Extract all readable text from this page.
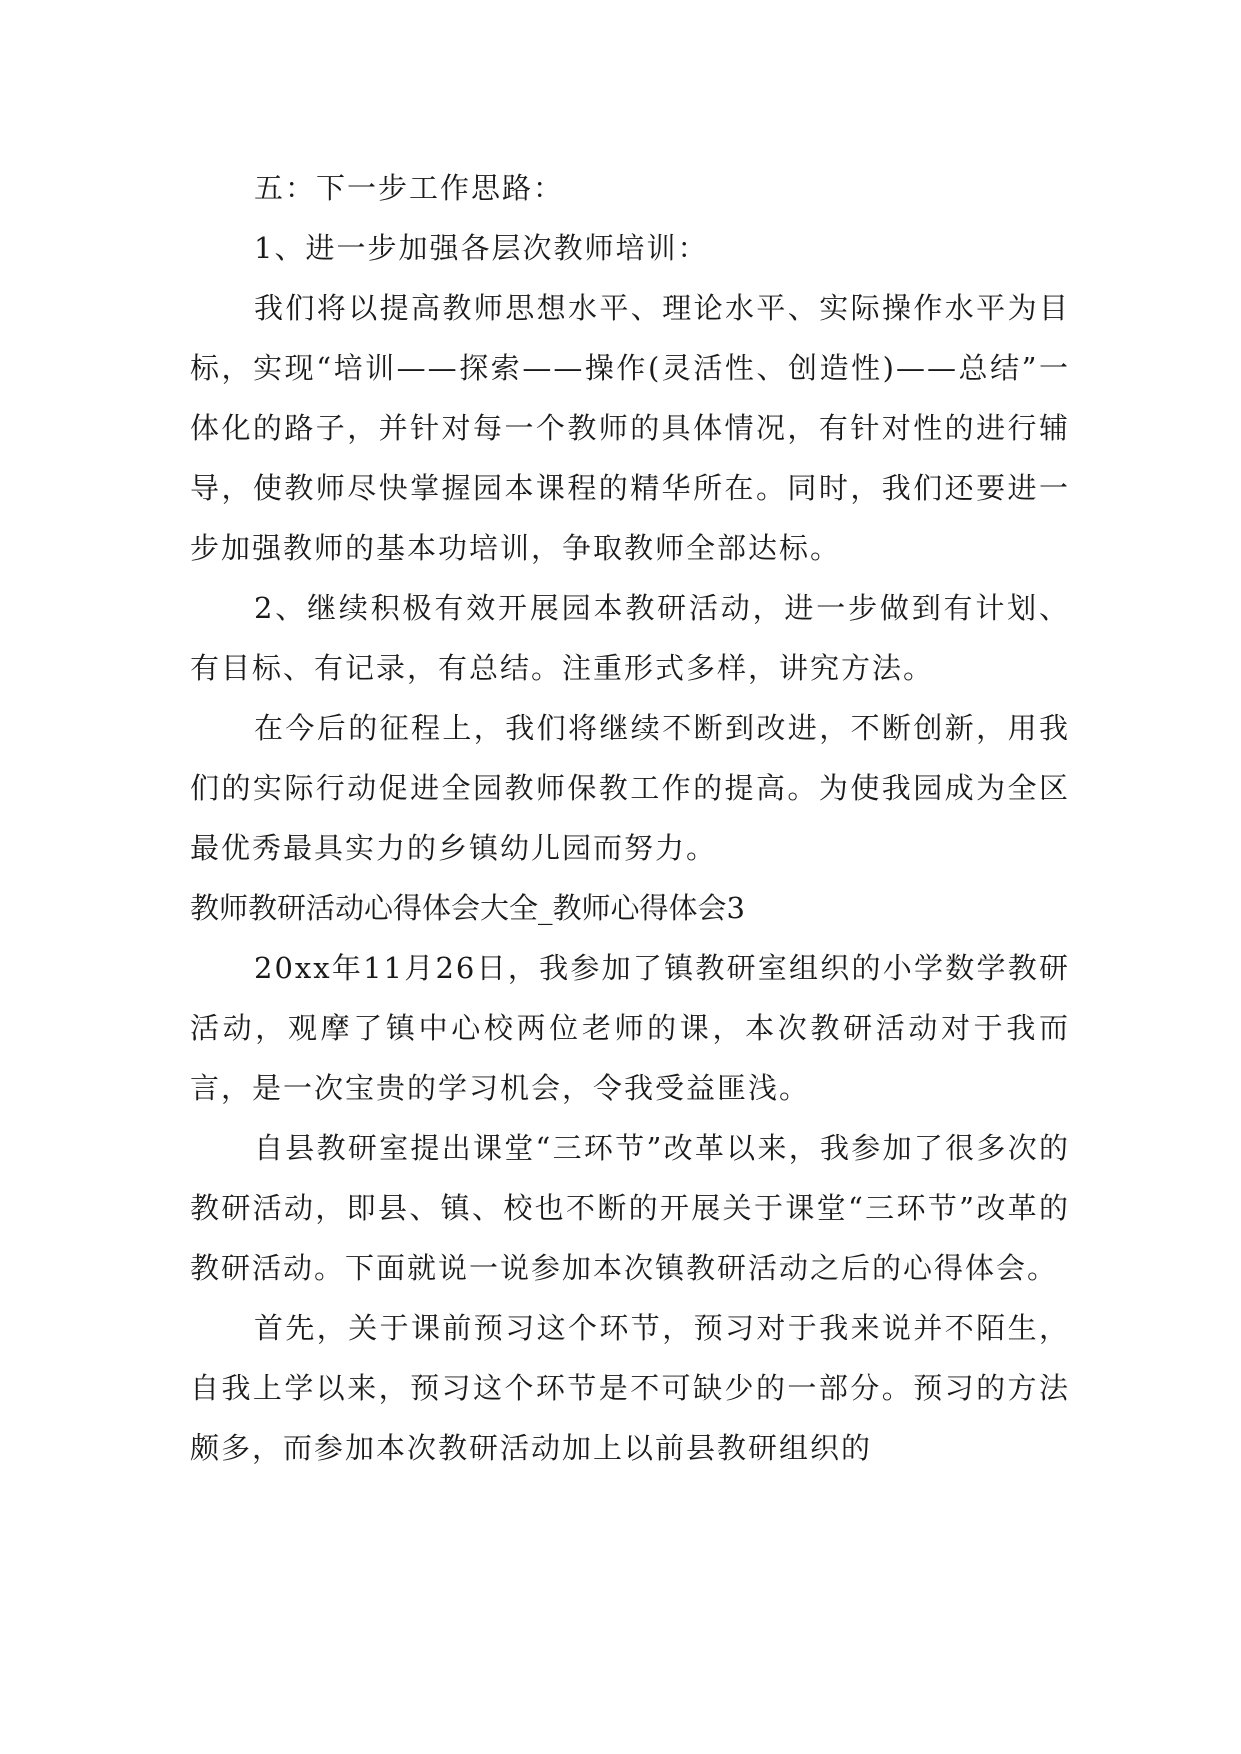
五：下一步工作思路：

1、进一步加强各层次教师培训：

我们将以提高教师思想水平、理论水平、实际操作水平为目标，实现“培训——探索——操作(灵活性、创造性)——总结”一体化的路子，并针对每一个教师的具体情况，有针对性的进行辅导，使教师尽快掌握园本课程的精华所在。同时，我们还要进一步加强教师的基本功培训，争取教师全部达标。

2、继续积极有效开展园本教研活动，进一步做到有计划、有目标、有记录，有总结。注重形式多样，讲究方法。

在今后的征程上，我们将继续不断到改进，不断创新，用我们的实际行动促进全园教师保教工作的提高。为使我园成为全区最优秀最具实力的乡镇幼儿园而努力。

教师教研活动心得体会大全_教师心得体会3

20xx年11月26日，我参加了镇教研室组织的小学数学教研活动，观摩了镇中心校两位老师的课，本次教研活动对于我而言，是一次宝贵的学习机会，令我受益匪浅。

自县教研室提出课堂“三环节”改革以来，我参加了很多次的教研活动，即县、镇、校也不断的开展关于课堂“三环节”改革的教研活动。下面就说一说参加本次镇教研活动之后的心得体会。

首先，关于课前预习这个环节，预习对于我来说并不陌生，自我上学以来，预习这个环节是不可缺少的一部分。预习的方法颇多，而参加本次教研活动加上以前县教研组织的
